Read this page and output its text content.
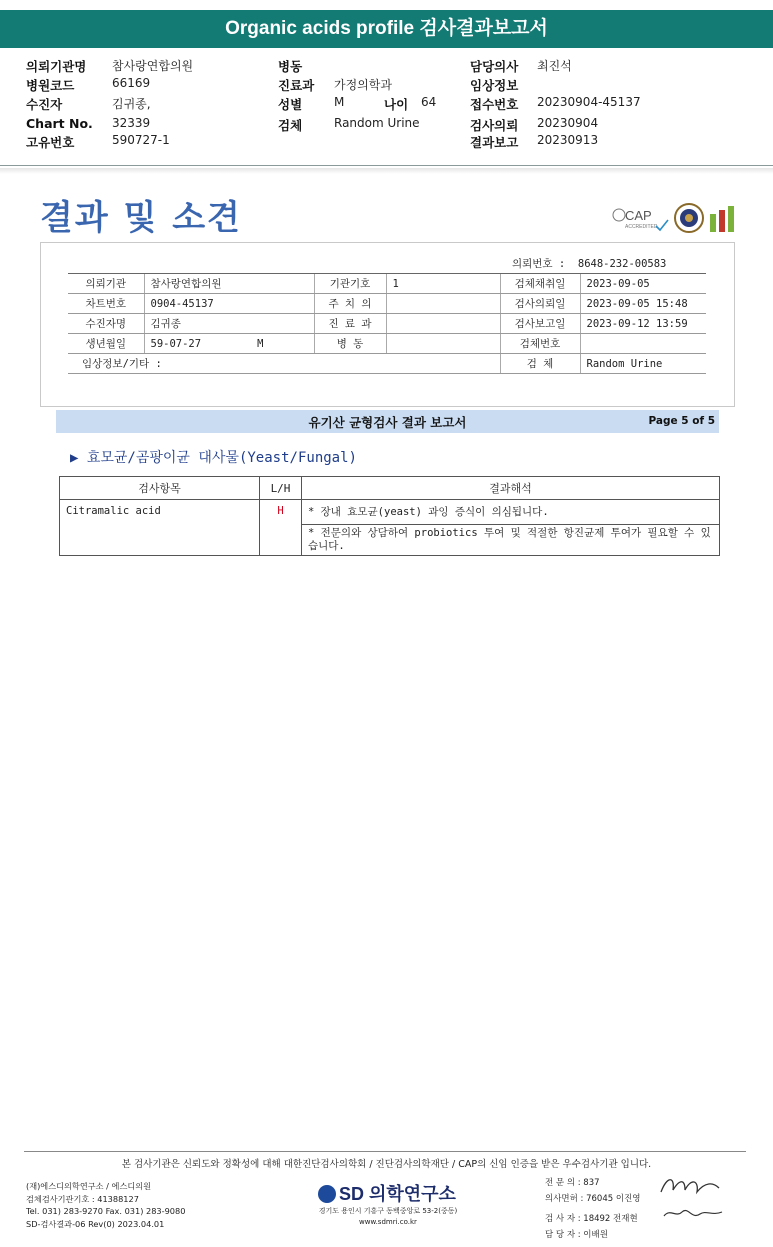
Organic acids profile 검사결과보고서
의뢰기관명 참사랑연합의원	병동	담당의사 최진석
병원코드	66169	진료과 가정의학과	임상정보
수진자	김귀종,	성별	M	접수번호 20230904-45137
Chart No. 32339	검체	Random Urine	검사의뢰 20230904
고유번호	590727-1	결과보고 20230913
나이 64
결과 및 소견	CAP
ACCREDITED
의뢰번호 : 8648-232-00583
의뢰기관	참사랑연합의원	기관기호	1	검체채취일	2023-09-05
차트번호	0904-45137	주 치 의		검사의뢰일	2023-09-05 15:48
수진자명	김귀종	진 료 과		검사보고일	2023-09-12 13:59
생년월일	59-07-27 M	병 동		검체번호	
임상정보/기타 :				검 체	Random Urine
유기산 균형검사 결과 보고서	Page 5 of 5
▶ 효모균/곰팡이균 대사물(Yeast/Fungal)
검사항목	L/H	결과해석
Citramalic acid	H	* 장내 효모균(yeast) 과잉 증식이 의심됩니다.
		* 전문의와 상담하여 probiotics 투여 및 적절한 항진균제 투여가 필요할 수 있습니다.
본 검사기관은 신뢰도와 정확성에 대해 대한진단검사의학회 / 진단검사의학재단 / CAP의 신임 인증을 받은 우수검사기관 입니다.
(재)에스디의학연구소 / 에스디의원
검체검사기관기호 : 41388127
Tel. 031) 283-9270 Fax. 031) 283-9080
SD-검사결과-06 Rev(0) 2023.04.01
SD 의학연구소
경기도 용인시 기흥구 동백중앙로 53-2(중동)
www.sdmri.co.kr
전 문 의 : 837
의사면허 : 76045 이진영
검 사 자 : 18492 전재현
담 당 자 : 이배원
